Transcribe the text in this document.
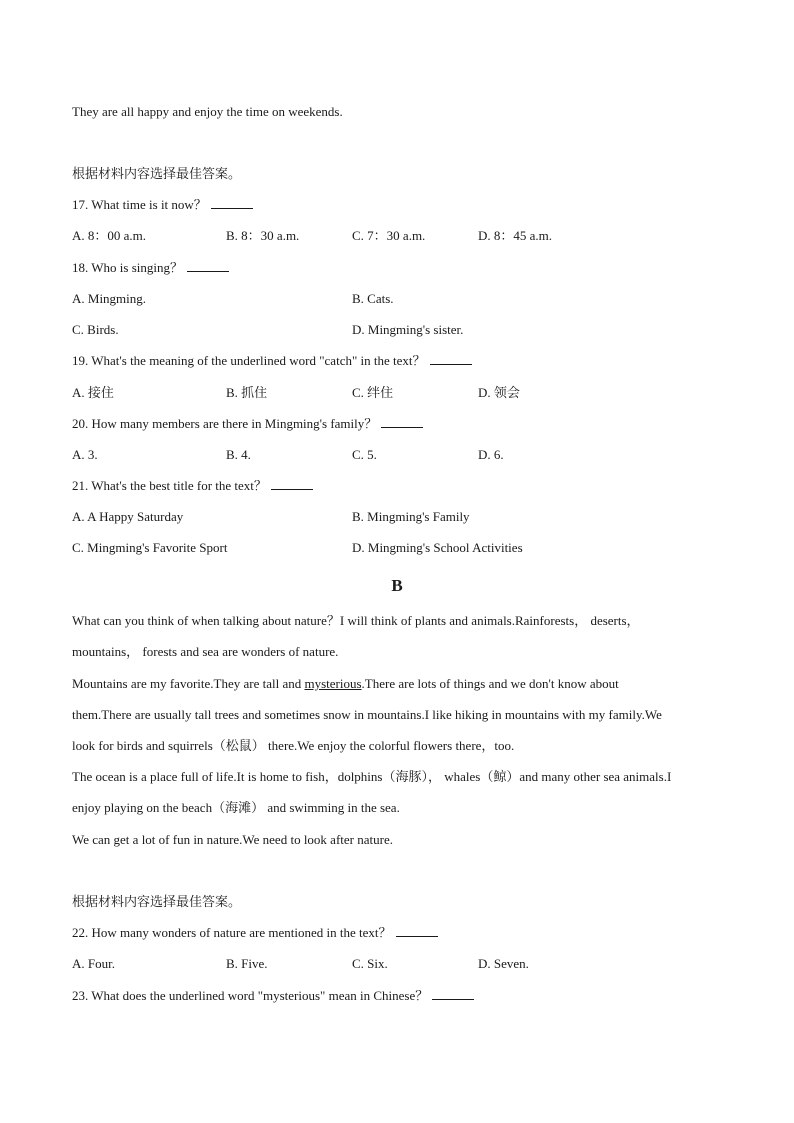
They are all happy and enjoy the time on weekends.
根据材料内容选择最佳答案。
17. What time is it now？
A. 8：00 a.m.	B. 8：30 a.m.	C. 7：30 a.m.	D. 8：45 a.m.
18. Who is singing？
A. Mingming.	B. Cats.
C. Birds.	D. Mingming's sister.
19. What's the meaning of the underlined word "catch" in the text？
A. 接住	B. 抓住	C. 绊住	D. 领会
20. How many members are there in Mingming's family？
A. 3.	B. 4.	C. 5.	D. 6.
21. What's the best title for the text？
A. A Happy Saturday	B. Mingming's Family
C. Mingming's Favorite Sport	D. Mingming's School Activities
B
What can you think of when talking about nature？I will think of plants and animals.Rainforests， deserts，
mountains， forests and sea are wonders of nature.
Mountains are my favorite.They are tall and mysterious.There are lots of things and we don't know about
them.There are usually tall trees and sometimes snow in mountains.I like hiking in mountains with my family.We
look for birds and squirrels（松鼠） there.We enjoy the colorful flowers there，too.
The ocean is a place full of life.It is home to fish，dolphins（海豚）， whales（鲸）and many other sea animals.I
enjoy playing on the beach（海滩） and swimming in the sea.
We can get a lot of fun in nature.We need to look after nature.
根据材料内容选择最佳答案。
22. How many wonders of nature are mentioned in the text？
A. Four.	B. Five.	C. Six.	D. Seven.
23. What does the underlined word "mysterious" mean in Chinese？
